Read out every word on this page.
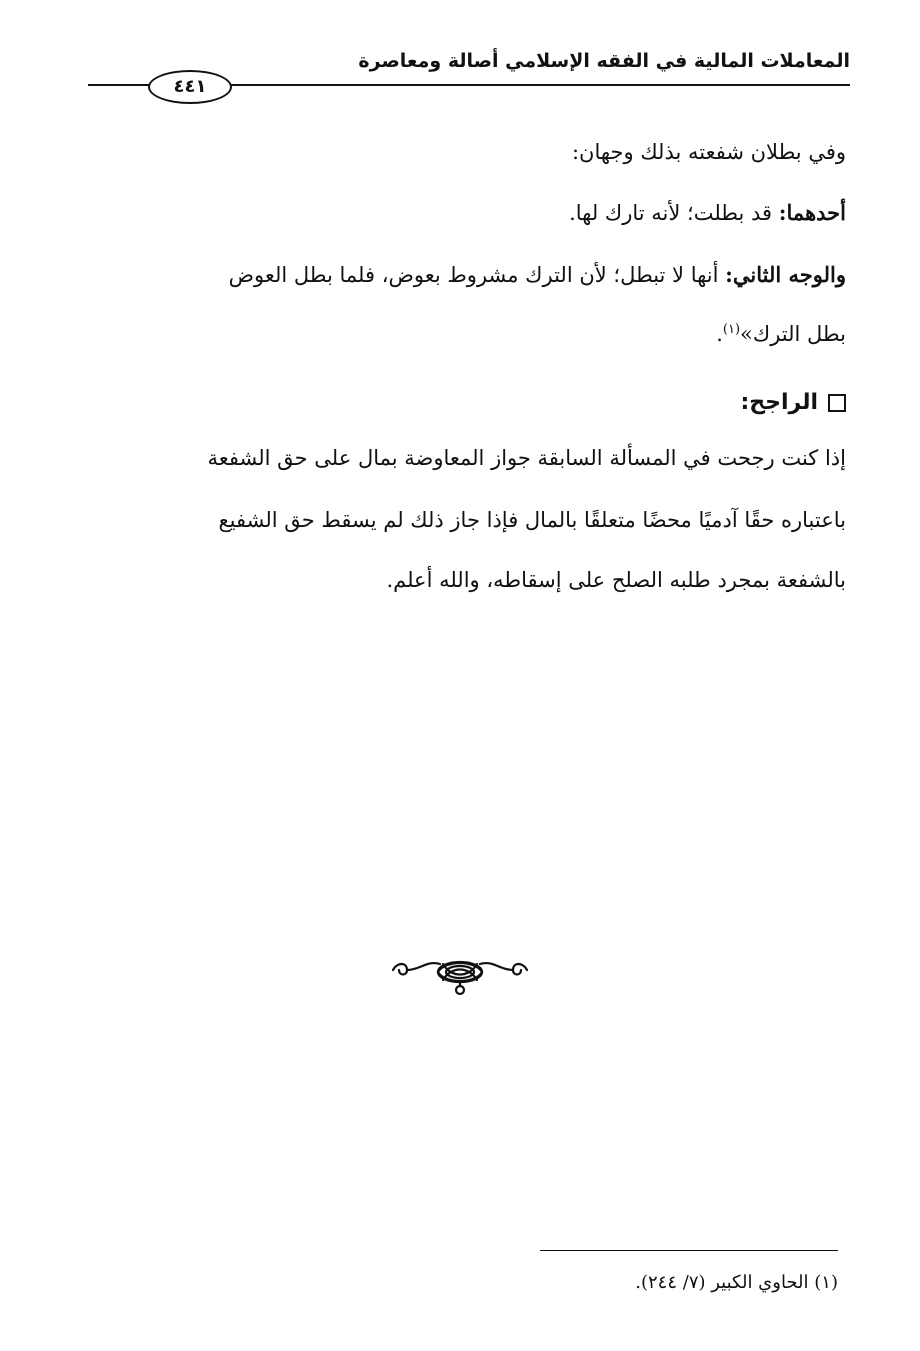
المعاملات المالية في الفقه الإسلامي أصالة ومعاصرة
٤٤١
وفي بطلان شفعته بذلك وجهان:
أحدهما: قد بطلت؛ لأنه تارك لها.
والوجه الثاني: أنها لا تبطل؛ لأن الترك مشروط بعوض، فلما بطل العوض
بطل الترك»$^{(١)}$.
الراجح:
إذا كنت رجحت في المسألة السابقة جواز المعاوضة بمال على حق الشفعة
باعتباره حقًا آدميًا محضًا متعلقًا بالمال فإذا جاز ذلك لم يسقط حق الشفيع
بالشفعة بمجرد طلبه الصلح على إسقاطه، والله أعلم.
(١) الحاوي الكبير (٧/ ٢٤٤).
